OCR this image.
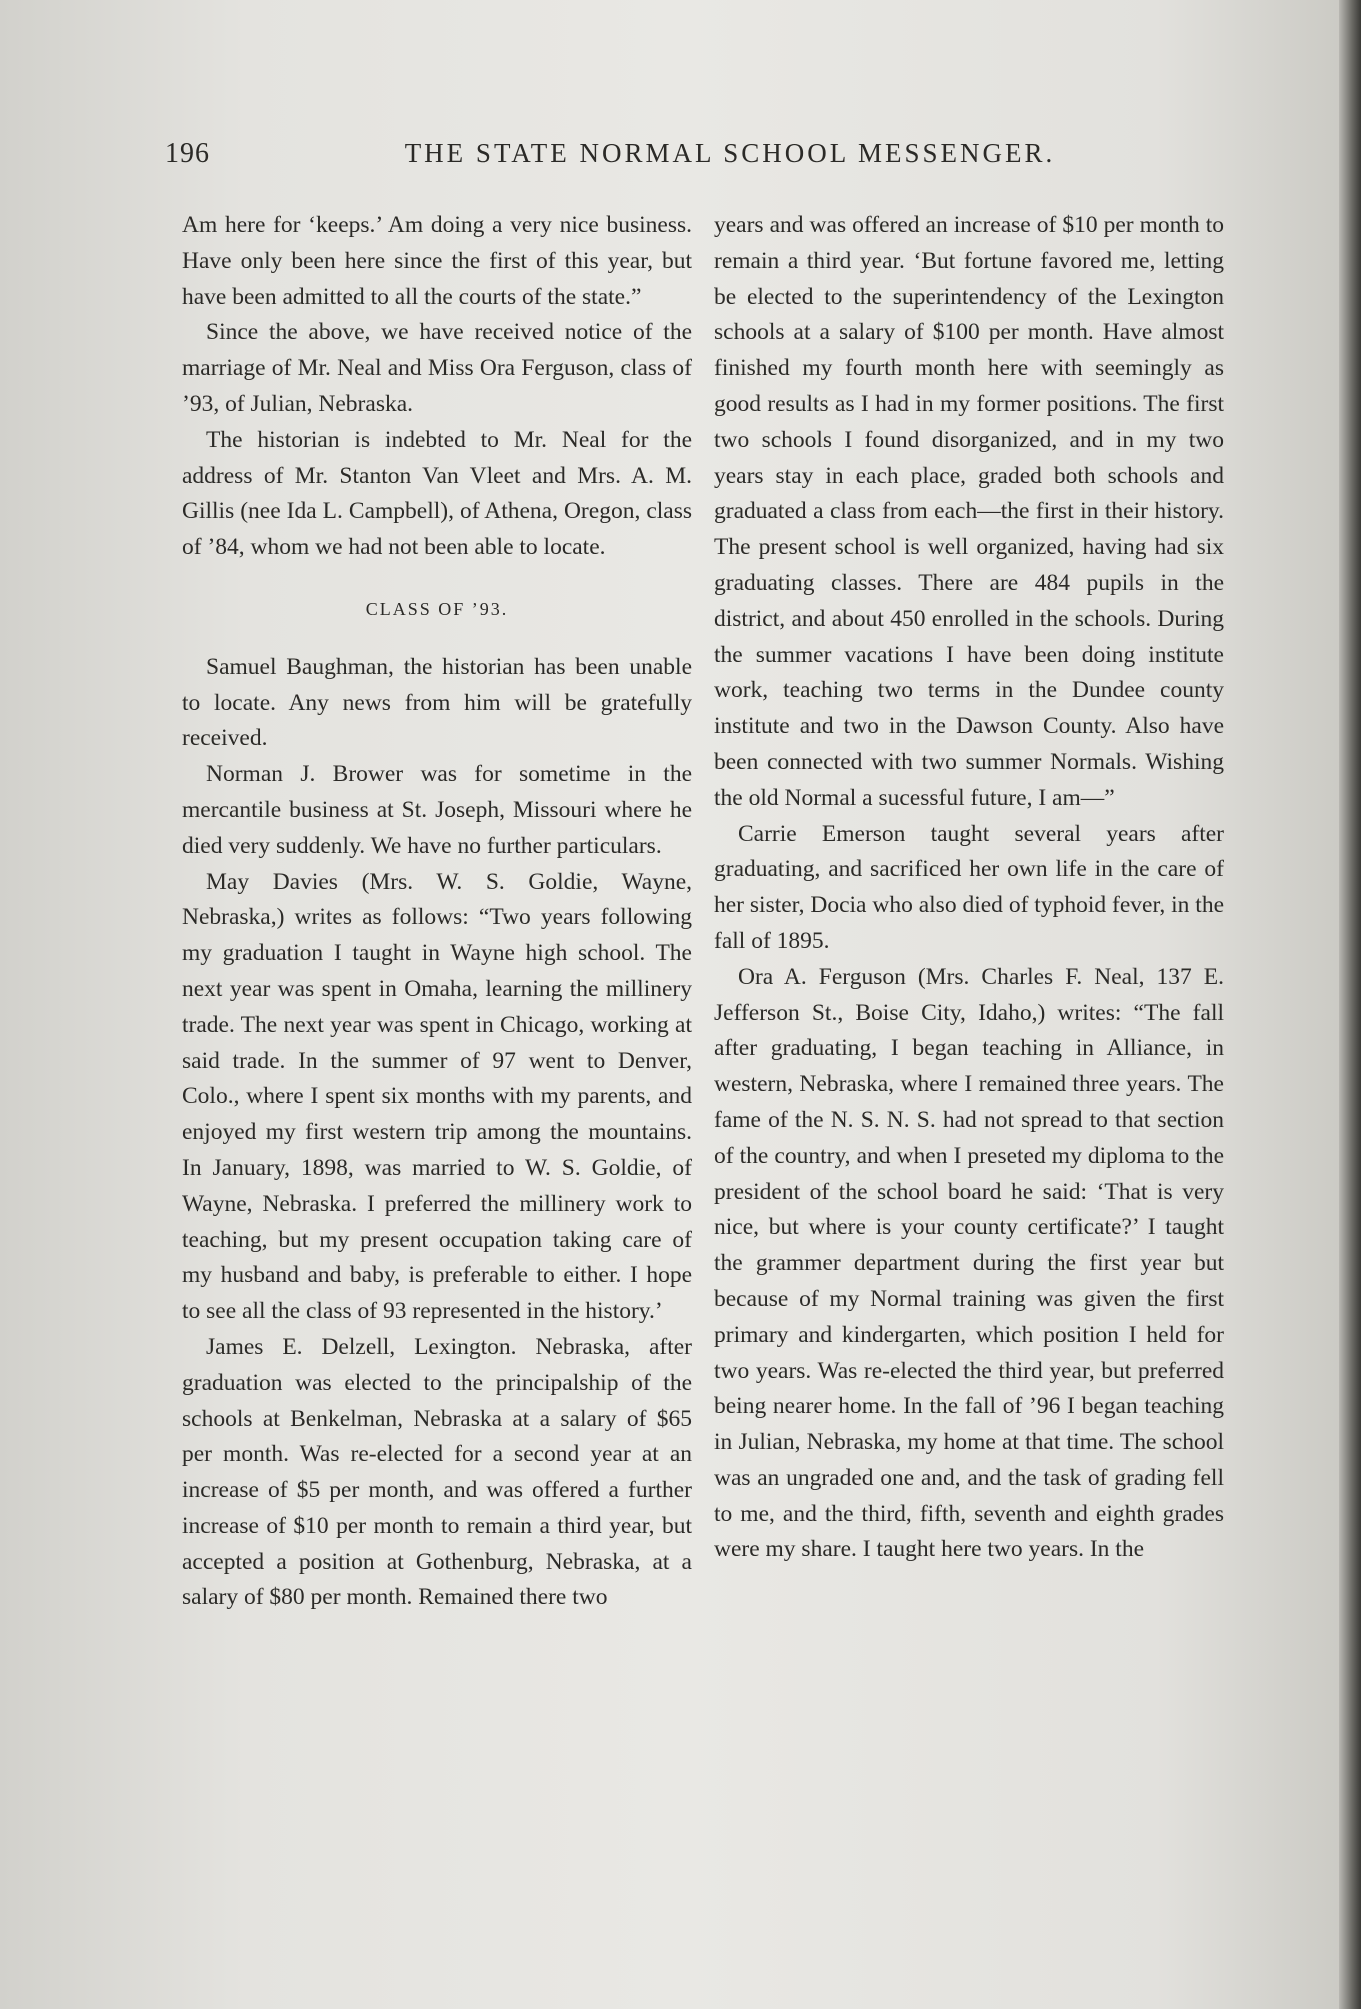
196	THE STATE NORMAL SCHOOL MESSENGER.

Am here for ‘keeps.’ Am doing a very nice business. Have only been here since the first of this year, but have been admitted to all the courts of the state.”

Since the above, we have received notice of the marriage of Mr. Neal and Miss Ora Ferguson, class of ’93, of Julian, Nebraska.

The historian is indebted to Mr. Neal for the address of Mr. Stanton Van Vleet and Mrs. A. M. Gillis (nee Ida L. Campbell), of Athena, Oregon, class of ’84, whom we had not been able to locate.

CLASS OF ’93.

Samuel Baughman, the historian has been unable to locate. Any news from him will be gratefully received.

Norman J. Brower was for sometime in the mercantile business at St. Joseph, Missouri where he died very suddenly. We have no further particulars.

May Davies (Mrs. W. S. Goldie, Wayne, Nebraska,) writes as follows: “Two years following my graduation I taught in Wayne high school. The next year was spent in Omaha, learning the millinery trade. The next year was spent in Chicago, working at said trade. In the summer of 97 went to Denver, Colo., where I spent six months with my parents, and enjoyed my first western trip among the mountains. In January, 1898, was married to W. S. Goldie, of Wayne, Nebraska. I preferred the millinery work to teaching, but my present occupation taking care of my husband and baby, is preferable to either. I hope to see all the class of 93 represented in the history.’

James E. Delzell, Lexington. Nebraska, after graduation was elected to the principalship of the schools at Benkelman, Nebraska at a salary of $65 per month. Was re-elected for a second year at an increase of $5 per month, and was offered a further increase of $10 per month to remain a third year, but accepted a position at Gothenburg, Nebraska, at a salary of $80 per month. Remained there two

years and was offered an increase of $10 per month to remain a third year. ‘But fortune favored me, letting be elected to the superintendency of the Lexington schools at a salary of $100 per month. Have almost finished my fourth month here with seemingly as good results as I had in my former positions. The first two schools I found disorganized, and in my two years stay in each place, graded both schools and graduated a class from each—the first in their history. The present school is well organized, having had six graduating classes. There are 484 pupils in the district, and about 450 enrolled in the schools. During the summer vacations I have been doing institute work, teaching two terms in the Dundee county institute and two in the Dawson County. Also have been connected with two summer Normals. Wishing the old Normal a sucessful future, I am—”

Carrie Emerson taught several years after graduating, and sacrificed her own life in the care of her sister, Docia who also died of typhoid fever, in the fall of 1895.

Ora A. Ferguson (Mrs. Charles F. Neal, 137 E. Jefferson St., Boise City, Idaho,) writes: “The fall after graduating, I began teaching in Alliance, in western, Nebraska, where I remained three years. The fame of the N. S. N. S. had not spread to that section of the country, and when I preseted my diploma to the president of the school board he said: ‘That is very nice, but where is your county certificate?’ I taught the grammer department during the first year but because of my Normal training was given the first primary and kindergarten, which position I held for two years. Was re-elected the third year, but preferred being nearer home. In the fall of ’96 I began teaching in Julian, Nebraska, my home at that time. The school was an ungraded one and, and the task of grading fell to me, and the third, fifth, seventh and eighth grades were my share. I taught here two years. In the
